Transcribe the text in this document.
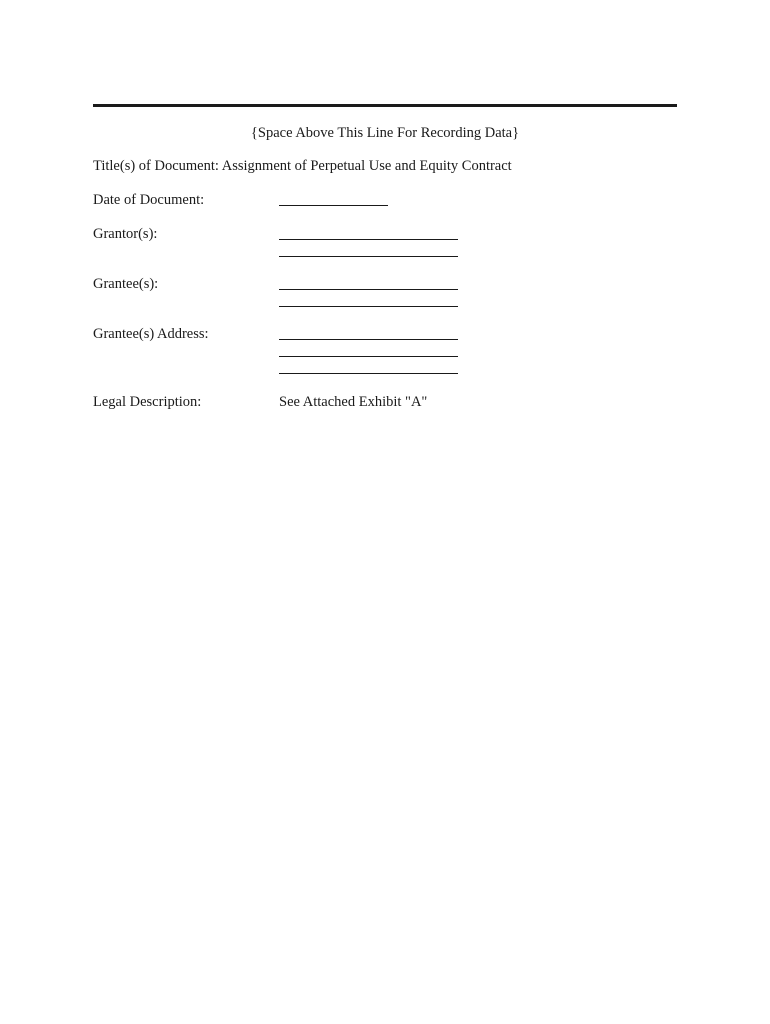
{Space Above This Line For Recording Data}
Title(s) of Document: Assignment of Perpetual Use and Equity Contract
Date of Document:
Grantor(s):
Grantee(s):
Grantee(s) Address:
Legal Description:	See Attached Exhibit "A"
